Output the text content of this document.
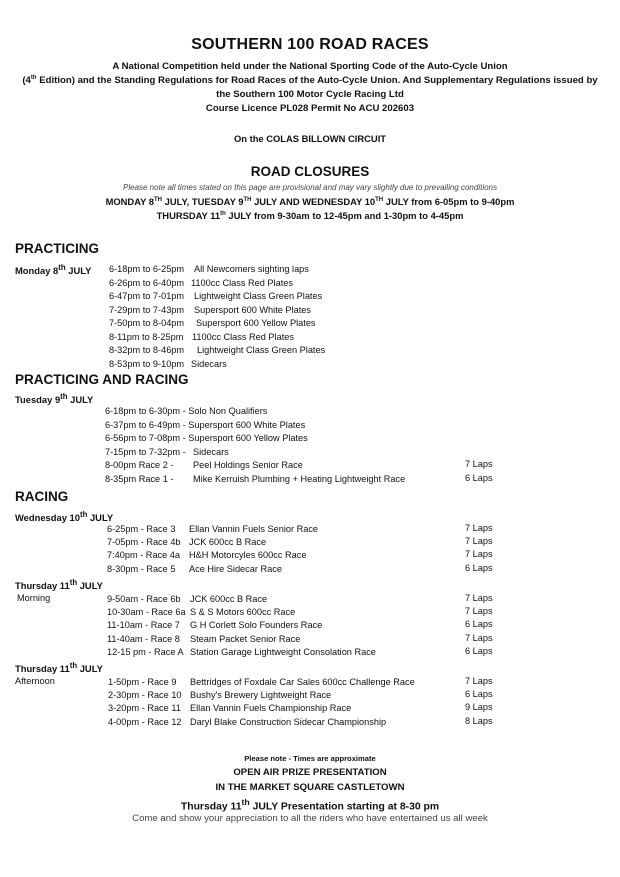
SOUTHERN 100 ROAD RACES
A National Competition held under the National Sporting Code of the Auto-Cycle Union
(4th Edition) and the Standing Regulations for Road Races of the Auto-Cycle Union. And Supplementary Regulations issued by
the Southern 100 Motor Cycle Racing Ltd
Course Licence PL028 Permit No ACU 202603
On the COLAS BILLOWN CIRCUIT
ROAD CLOSURES
Please note all times stated on this page are provisional and may vary slightly due to prevailing conditions
MONDAY 8TH JULY, TUESDAY 9TH JULY AND WEDNESDAY 10TH JULY from 6-05pm to 9-40pm
THURSDAY 11th JULY from 9-30am to 12-45pm and 1-30pm to 4-45pm
PRACTICING
Monday 8th JULY 6-18pm to 6-25pm All Newcomers sighting laps
6-26pm to 6-40pm 1100cc Class Red Plates
6-47pm to 7-01pm Lightweight Class Green Plates
7-29pm to 7-43pm Supersport 600 White Plates
7-50pm to 8-04pm Supersport 600 Yellow Plates
8-11pm to 8-25pm 1100cc Class Red Plates
8-32pm to 8-46pm Lightweight Class Green Plates
8-53pm to 9-10pm Sidecars
PRACTICING AND RACING
Tuesday 9th JULY
6-18pm to 6-30pm - Solo Non Qualifiers
6-37pm to 6-49pm - Supersport 600 White Plates
6-56pm to 7-08pm - Supersport 600 Yellow Plates
7-15pm to 7-32pm - Sidecars
8-00pm Race 2 - Peel Holdings Senior Race	7 Laps
8-35pm Race 1 - Mike Kerruish Plumbing + Heating Lightweight Race	6 Laps
RACING
Wednesday 10th JULY
6-25pm - Race 3 Ellan Vannin Fuels Senior Race	7 Laps
7-05pm - Race 4b JCK 600cc B Race	7 Laps
7:40pm - Race 4a H&H Motorcyles 600cc Race	7 Laps
8-30pm - Race 5 Ace Hire Sidecar Race	6 Laps
Thursday 11th JULY
Morning	9-50am - Race 6b JCK 600cc B Race	7 Laps
10-30am - Race 6a S & S Motors 600cc Race	7 Laps
11-10am - Race 7 G H Corlett Solo Founders Race	6 Laps
11-40am - Race 8 Steam Packet Senior Race	7 Laps
12-15 pm - Race A Station Garage Lightweight Consolation Race	6 Laps
Thursday 11th JULY
Afternoon	1-50pm - Race 9 Bettridges of Foxdale Car Sales 600cc Challenge Race	7 Laps
2-30pm - Race 10 Bushy's Brewery Lightweight Race	6 Laps
3-20pm - Race 11 Ellan Vannin Fuels Championship Race	9 Laps
4-00pm - Race 12 Daryl Blake Construction Sidecar Championship	8 Laps
Please note - Times are approximate
OPEN AIR PRIZE PRESENTATION
IN THE MARKET SQUARE CASTLETOWN
Thursday 11th JULY Presentation starting at 8-30 pm
Come and show your appreciation to all the riders who have entertained us all week
